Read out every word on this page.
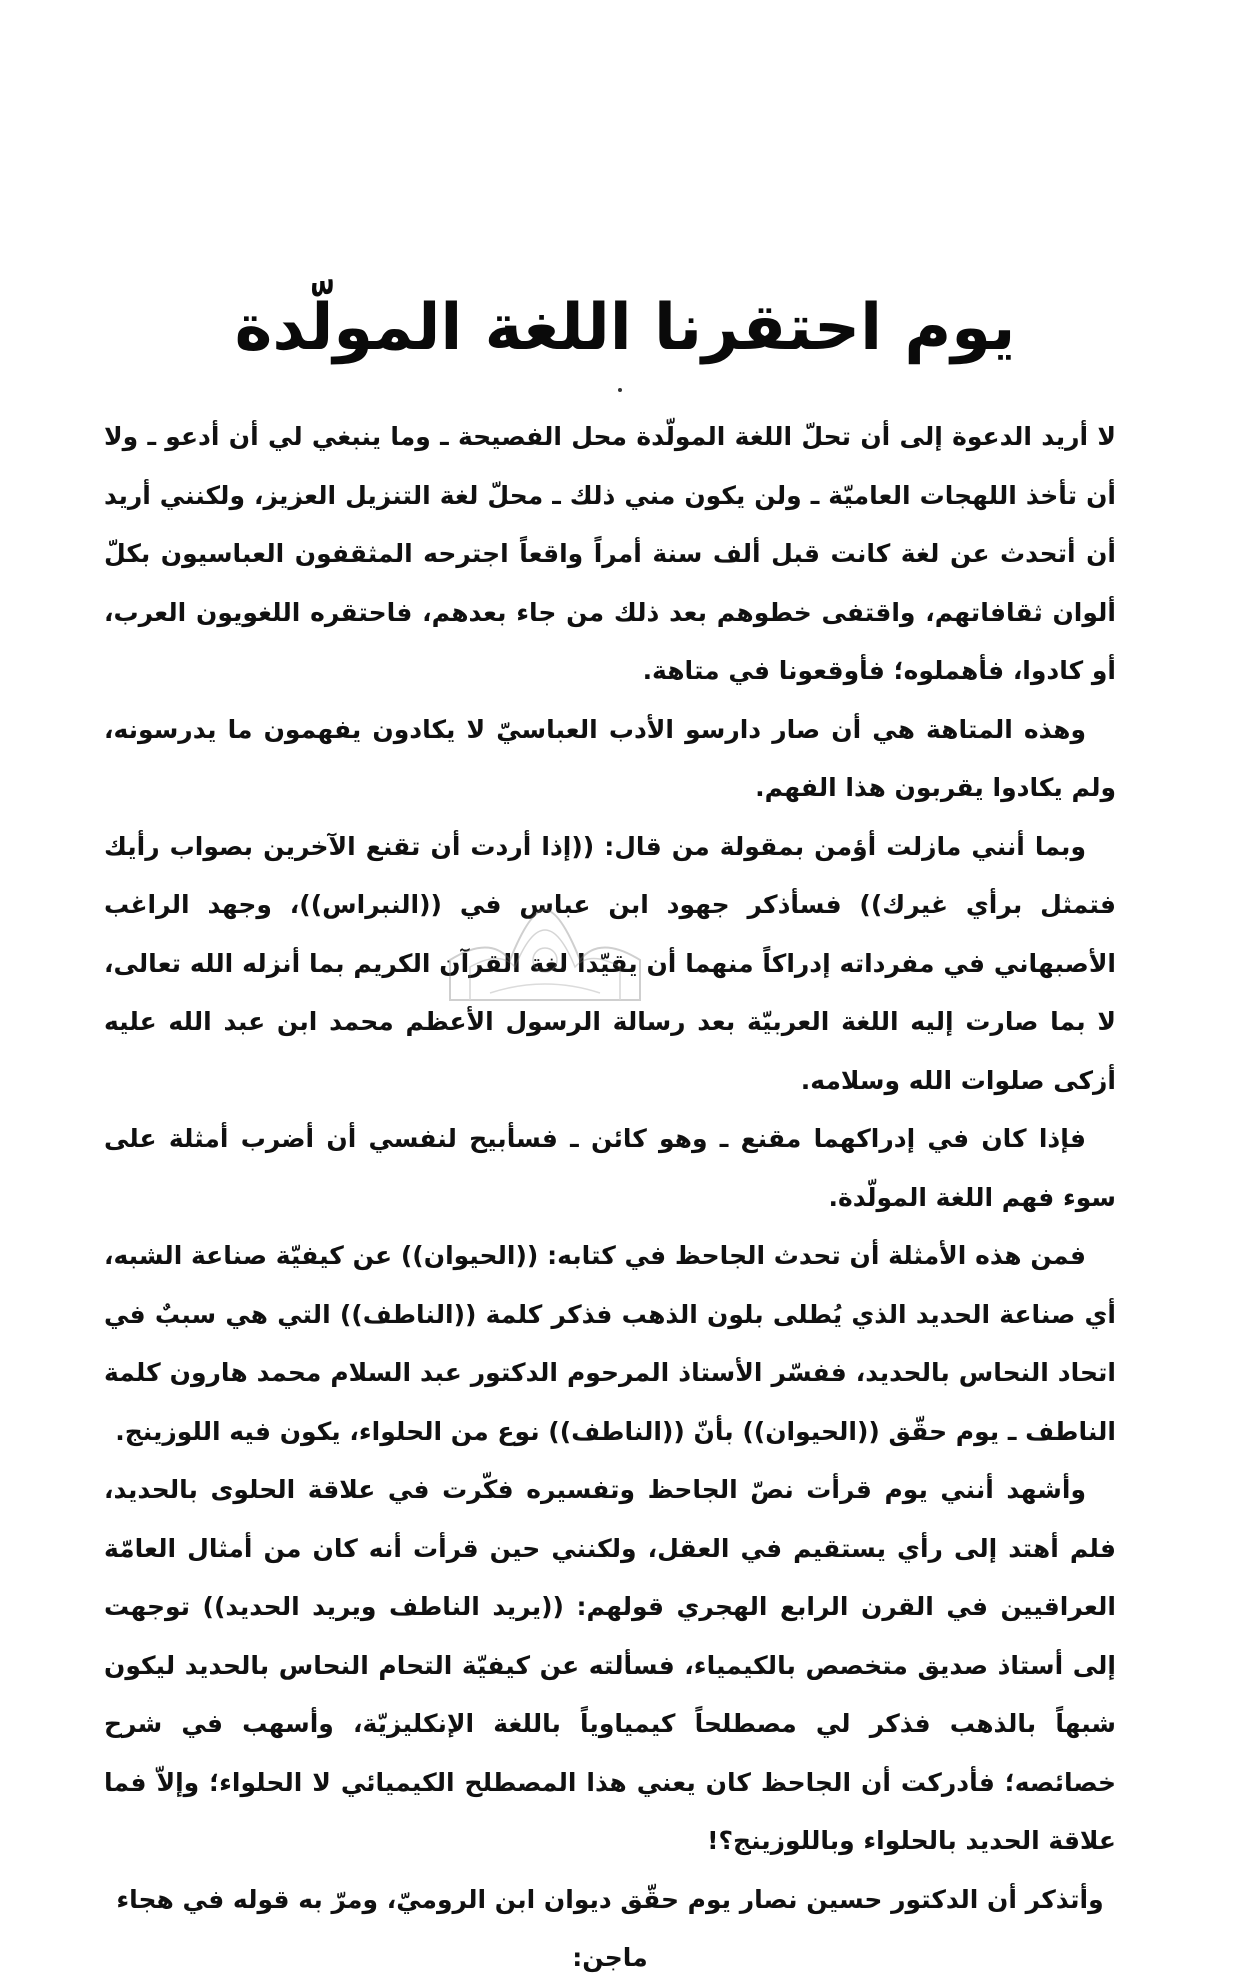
يوم احتقرنا اللغة المولّدة

لا أريد الدعوة إلى أن تحلّ اللغة المولّدة محل الفصيحة ـ وما ينبغي لي أن أدعو ـ ولا أن تأخذ اللهجات العاميّة ـ ولن يكون مني ذلك ـ محلّ لغة التنزيل العزيز، ولكنني أريد أن أتحدث عن لغة كانت قبل ألف سنة أمراً واقعاً اجترحه المثقفون العباسيون بكلّ ألوان ثقافاتهم، واقتفى خطوهم بعد ذلك من جاء بعدهم، فاحتقره اللغويون العرب، أو كادوا، فأهملوه؛ فأوقعونا في متاهة.

وهذه المتاهة هي أن صار دارسو الأدب العباسيّ لا يكادون يفهمون ما يدرسونه، ولم يكادوا يقربون هذا الفهم.

وبما أنني مازلت أؤمن بمقولة من قال: ((إذا أردت أن تقنع الآخرين بصواب رأيك فتمثل برأي غيرك)) فسأذكر جهود ابن عباس في ((النبراس))، وجهد الراغب الأصبهاني في مفرداته إدراكاً منهما أن يقيّدا لغة القرآن الكريم بما أنزله الله تعالى، لا بما صارت إليه اللغة العربيّة بعد رسالة الرسول الأعظم محمد ابن عبد الله عليه أزكى صلوات الله وسلامه.

فإذا كان في إدراكهما مقنع ـ وهو كائن ـ فسأبيح لنفسي أن أضرب أمثلة على سوء فهم اللغة المولّدة.

فمن هذه الأمثلة أن تحدث الجاحظ في كتابه: ((الحيوان)) عن كيفيّة صناعة الشبه، أي صناعة الحديد الذي يُطلى بلون الذهب فذكر كلمة ((الناطف)) التي هي سببٌ في اتحاد النحاس بالحديد، ففسّر الأستاذ المرحوم الدكتور عبد السلام محمد هارون كلمة الناطف ـ يوم حقّق ((الحيوان)) بأنّ ((الناطف)) نوع من الحلواء، يكون فيه اللوزينج.

وأشهد أنني يوم قرأت نصّ الجاحظ وتفسيره فكّرت في علاقة الحلوى بالحديد، فلم أهتد إلى رأي يستقيم في العقل، ولكنني حين قرأت أنه كان من أمثال العامّة العراقيين في القرن الرابع الهجري قولهم: ((يريد الناطف ويريد الحديد)) توجهت إلى أستاذ صديق متخصص بالكيمياء، فسألته عن كيفيّة التحام النحاس بالحديد ليكون شبهاً بالذهب فذكر لي مصطلحاً كيمياوياً باللغة الإنكليزيّة، وأسهب في شرح خصائصه؛ فأدركت أن الجاحظ كان يعني هذا المصطلح الكيميائي لا الحلواء؛ وإلاّ فما علاقة الحديد بالحلواء وباللوزينج؟!

وأتذكر أن الدكتور حسين نصار يوم حقّق ديوان ابن الروميّ، ومرّ به قوله في هجاء ماجن:
